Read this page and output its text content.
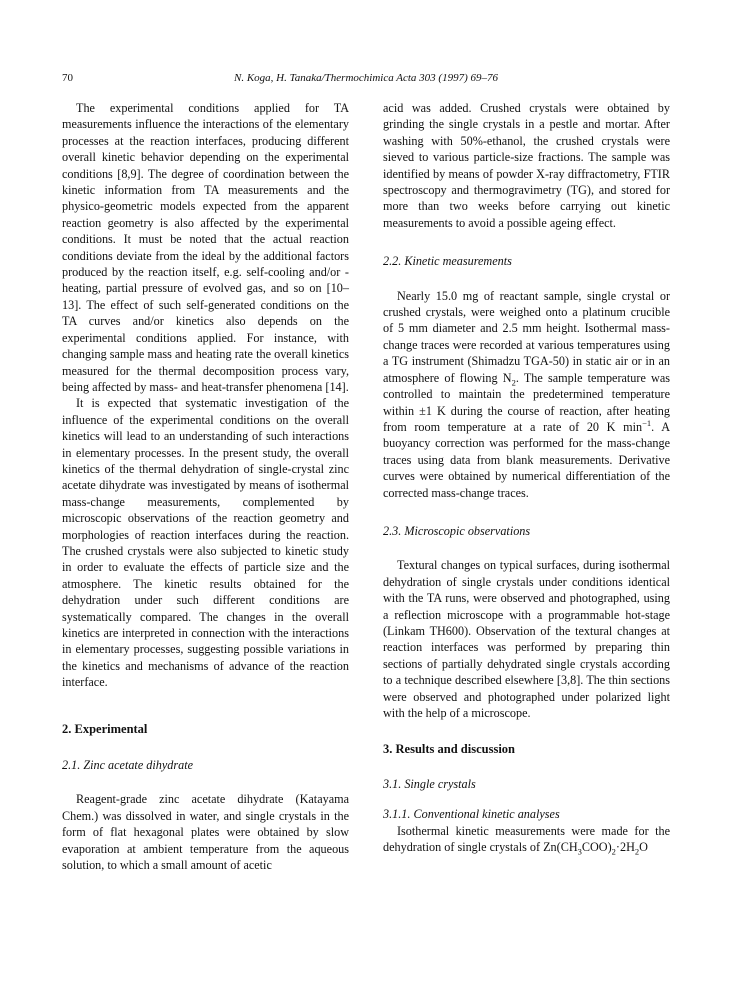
70	N. Koga, H. Tanaka/Thermochimica Acta 303 (1997) 69–76

The experimental conditions applied for TA measurements influence the interactions of the elementary processes at the reaction interfaces, producing different overall kinetic behavior depending on the experimental conditions [8,9]. The degree of coordination between the kinetic information from TA measurements and the physico-geometric models expected from the apparent reaction geometry is also affected by the experimental conditions. It must be noted that the actual reaction conditions deviate from the ideal by the additional factors produced by the reaction itself, e.g. self-cooling and/or -heating, partial pressure of evolved gas, and so on [10–13]. The effect of such self-generated conditions on the TA curves and/or kinetics also depends on the experimental conditions applied. For instance, with changing sample mass and heating rate the overall kinetics measured for the thermal decomposition process vary, being affected by mass- and heat-transfer phenomena [14].

It is expected that systematic investigation of the influence of the experimental conditions on the overall kinetics will lead to an understanding of such interactions in elementary processes. In the present study, the overall kinetics of the thermal dehydration of single-crystal zinc acetate dihydrate was investigated by means of isothermal mass-change measurements, complemented by microscopic observations of the reaction geometry and morphologies of reaction interfaces during the reaction. The crushed crystals were also subjected to kinetic study in order to evaluate the effects of particle size and the atmosphere. The kinetic results obtained for the dehydration under such different conditions are systematically compared. The changes in the overall kinetics are interpreted in connection with the interactions in elementary processes, suggesting possible variations in the kinetics and mechanisms of advance of the reaction interface.

2. Experimental
2.1. Zinc acetate dihydrate

Reagent-grade zinc acetate dihydrate (Katayama Chem.) was dissolved in water, and single crystals in the form of flat hexagonal plates were obtained by slow evaporation at ambient temperature from the aqueous solution, to which a small amount of acetic

acid was added. Crushed crystals were obtained by grinding the single crystals in a pestle and mortar. After washing with 50%-ethanol, the crushed crystals were sieved to various particle-size fractions. The sample was identified by means of powder X-ray diffractometry, FTIR spectroscopy and thermogravimetry (TG), and stored for more than two weeks before carrying out kinetic measurements to avoid a possible ageing effect.

2.2. Kinetic measurements

Nearly 15.0 mg of reactant sample, single crystal or crushed crystals, were weighed onto a platinum crucible of 5 mm diameter and 2.5 mm height. Isothermal mass-change traces were recorded at various temperatures using a TG instrument (Shimadzu TGA-50) in static air or in an atmosphere of flowing $N_2$. The sample temperature was controlled to maintain the predetermined temperature within ±1 K during the course of reaction, after heating from room temperature at a rate of 20 K $\min^{-1}$. A buoyancy correction was performed for the mass-change traces using data from blank measurements. Derivative curves were obtained by numerical differentiation of the corrected mass-change traces.

2.3. Microscopic observations

Textural changes on typical surfaces, during isothermal dehydration of single crystals under conditions identical with the TA runs, were observed and photographed, using a reflection microscope with a programmable hot-stage (Linkam TH600). Observation of the textural changes at reaction interfaces was performed by preparing thin sections of partially dehydrated single crystals according to a technique described elsewhere [3,8]. The thin sections were observed and photographed under polarized light with the help of a microscope.

3. Results and discussion
3.1. Single crystals
3.1.1. Conventional kinetic analyses

Isothermal kinetic measurements were made for the dehydration of single crystals of $Zn(CH_3COO)_2\cdot 2H_2O$
